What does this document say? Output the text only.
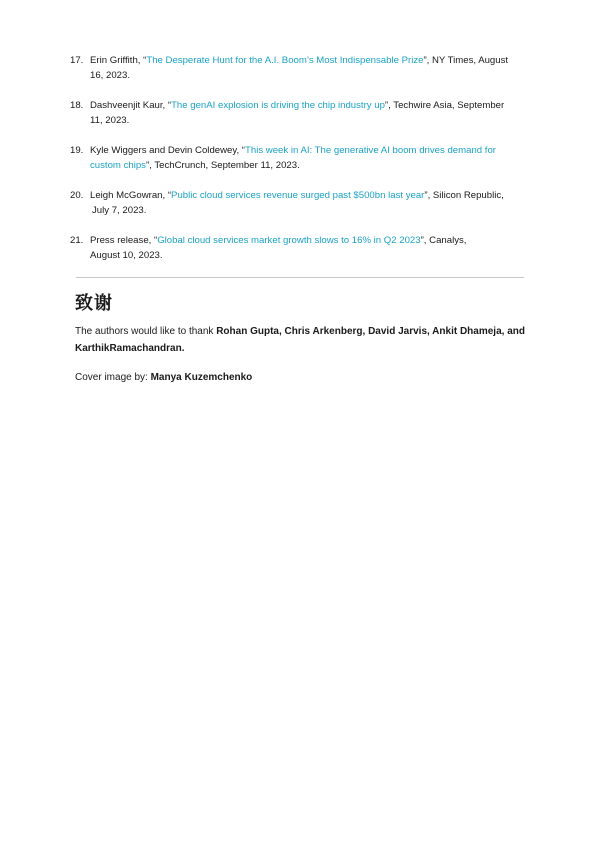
17. Erin Griffith, “The Desperate Hunt for the A.I. Boom’s Most Indispensable Prize”, NY Times, August
16, 2023.
18. Dashveenjit Kaur, “The genAI explosion is driving the chip industry up”, Techwire Asia, September
11, 2023.
19. Kyle Wiggers and Devin Coldewey, “This week in AI: The generative AI boom drives demand for
custom chips”, TechCrunch, September 11, 2023.
20. Leigh McGowran, “Public cloud services revenue surged past $500bn last year”, Silicon Republic,
July 7, 2023.
21. Press release, “Global cloud services market growth slows to 16% in Q2 2023”, Canalys,
August 10, 2023.
致谢

The authors would like to thank Rohan Gupta, Chris Arkenberg, David Jarvis, Ankit Dhameja, and KarthikRamachandran.

Cover image by: Manya Kuzemchenko
